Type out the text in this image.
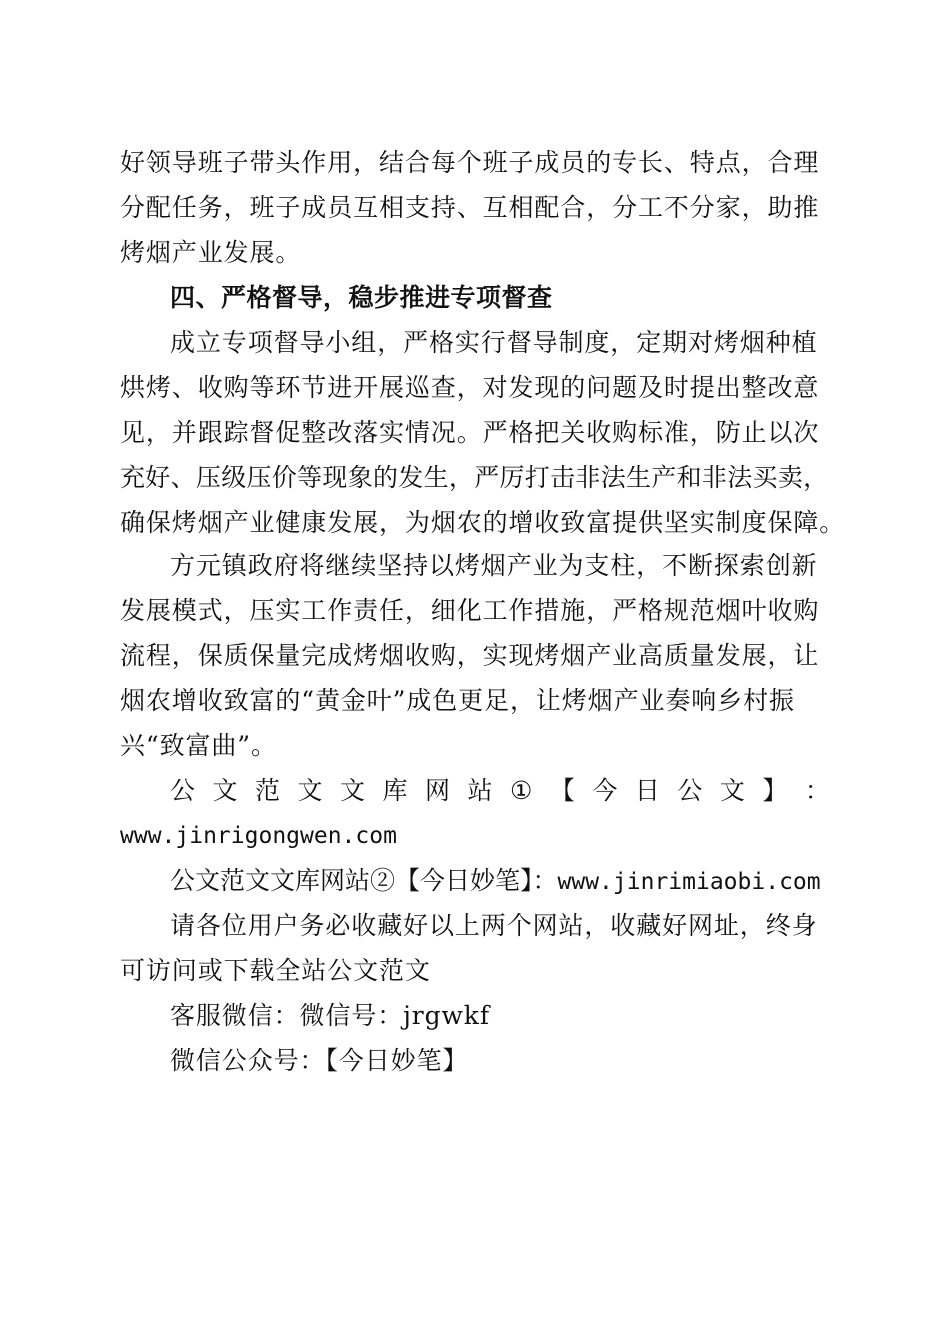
好领导班子带头作用，结合每个班子成员的专长、特点，合理
分配任务，班子成员互相支持、互相配合，分工不分家，助推
烤烟产业发展。
四、严格督导，稳步推进专项督查
成立专项督导小组，严格实行督导制度，定期对烤烟种植
烘烤、收购等环节进开展巡查，对发现的问题及时提出整改意
见，并跟踪督促整改落实情况。严格把关收购标准，防止以次
充好、压级压价等现象的发生，严厉打击非法生产和非法买卖，
确保烤烟产业健康发展，为烟农的增收致富提供坚实制度保障。
方元镇政府将继续坚持以烤烟产业为支柱，不断探索创新
发展模式，压实工作责任，细化工作措施，严格规范烟叶收购
流程，保质保量完成烤烟收购，实现烤烟产业高质量发展，让
烟农增收致富的“黄金叶”成色更足，让烤烟产业奏响乡村振
兴“致富曲”。
公 文 范 文 文 库 网 站 ① 【 今 日 公 文 】 ：
www.jinrigongwen.com
公文范文文库网站②【今日妙笔】：www.jinrimiaobi.com
请各位用户务必收藏好以上两个网站，收藏好网址，终身
可访问或下载全站公文范文
客服微信：微信号：jrgwkf
微信公众号：【今日妙笔】
